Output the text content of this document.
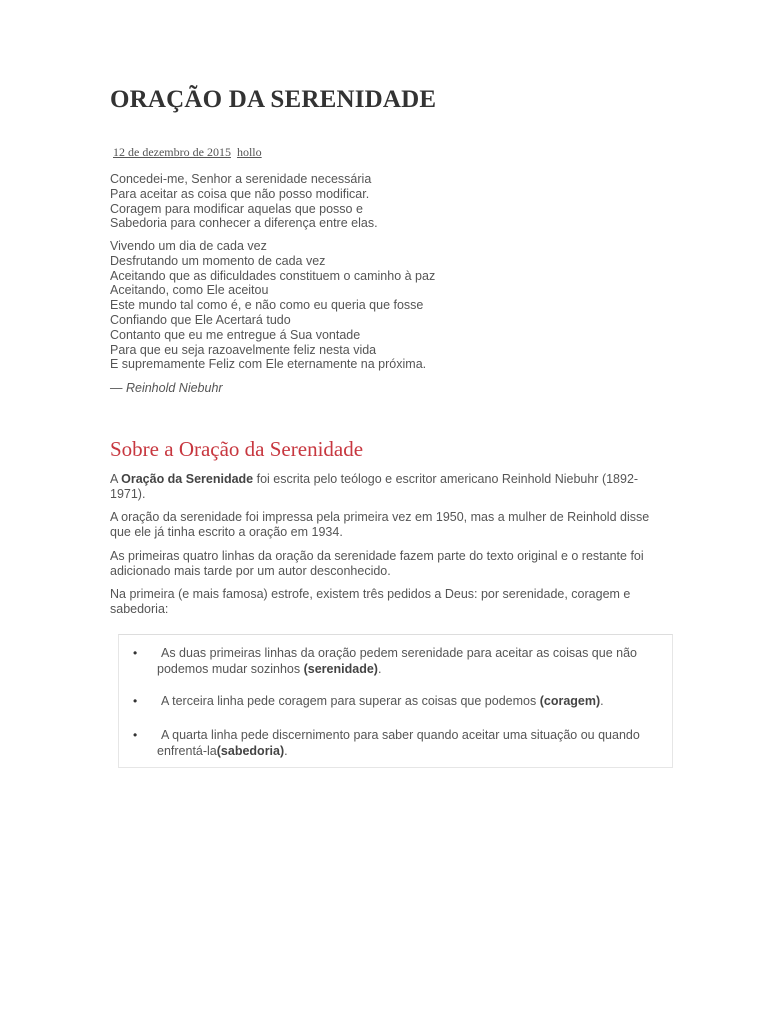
ORAÇÃO DA SERENIDADE
12 de dezembro de 2015 hollo
Concedei-me, Senhor a serenidade necessária
Para aceitar as coisa que não posso modificar.
Coragem para modificar aquelas que posso e
Sabedoria para conhecer a diferença entre elas.
Vivendo um dia de cada vez
Desfrutando um momento de cada vez
Aceitando que as dificuldades constituem o caminho à paz
Aceitando, como Ele aceitou
Este mundo tal como é, e não como eu queria que fosse
Confiando que Ele Acertará tudo
Contanto que eu me entregue á Sua vontade
Para que eu seja razoavelmente feliz nesta vida
E supremamente Feliz com Ele eternamente na próxima.
— Reinhold Niebuhr
Sobre a Oração da Serenidade

A Oração da Serenidade foi escrita pelo teólogo e escritor americano Reinhold Niebuhr (1892-1971).

A oração da serenidade foi impressa pela primeira vez em 1950, mas a mulher de Reinhold disse que ele já tinha escrito a oração em 1934.

As primeiras quatro linhas da oração da serenidade fazem parte do texto original e o restante foi adicionado mais tarde por um autor desconhecido.

Na primeira (e mais famosa) estrofe, existem três pedidos a Deus: por serenidade, coragem e sabedoria:

• As duas primeiras linhas da oração pedem serenidade para aceitar as coisas que não podemos mudar sozinhos (serenidade).
• A terceira linha pede coragem para superar as coisas que podemos (coragem).
• A quarta linha pede discernimento para saber quando aceitar uma situação ou quando enfrentá-la(sabedoria).
